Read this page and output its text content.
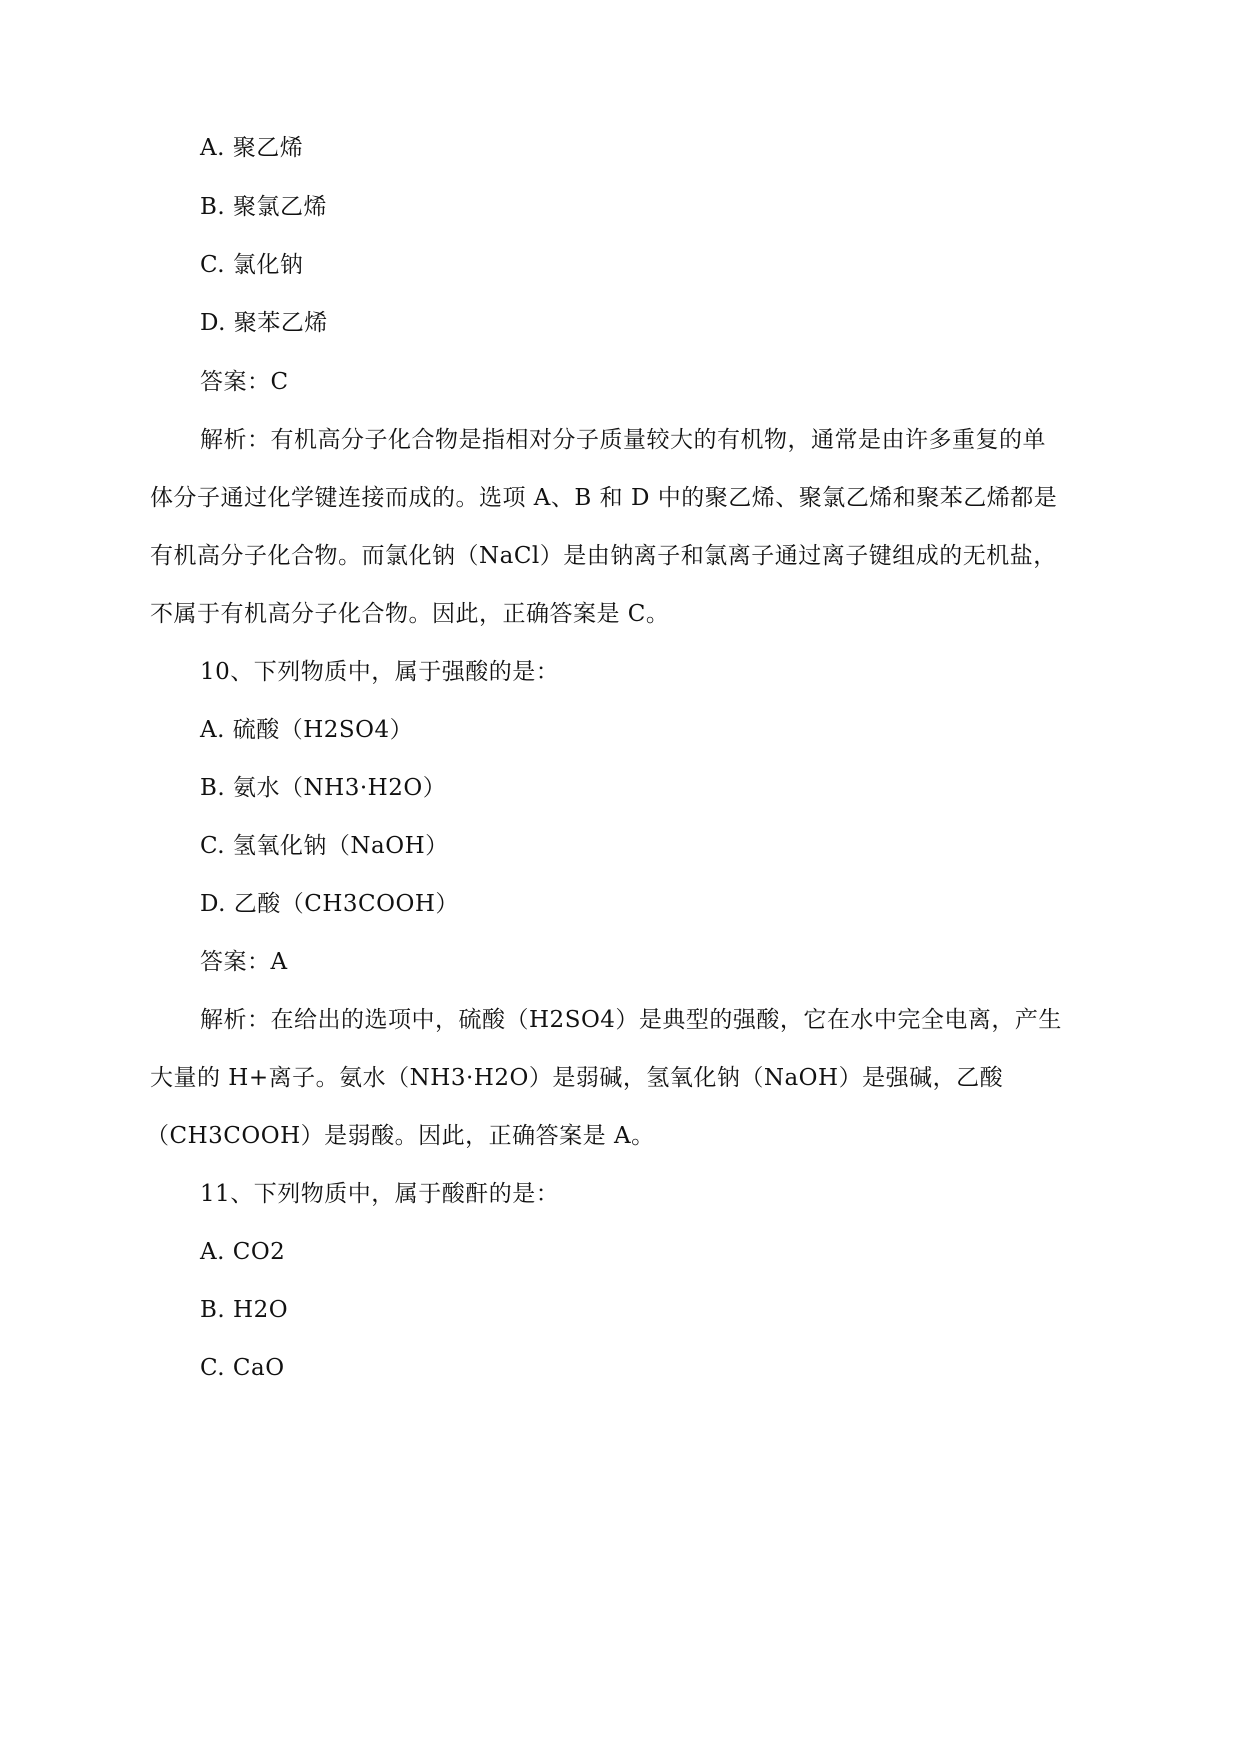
A. 聚乙烯
B. 聚氯乙烯
C. 氯化钠
D. 聚苯乙烯
答案：C
解析：有机高分子化合物是指相对分子质量较大的有机物，通常是由许多重复的单
体分子通过化学键连接而成的。选项 A、B 和 D 中的聚乙烯、聚氯乙烯和聚苯乙烯都是
有机高分子化合物。而氯化钠（NaCl）是由钠离子和氯离子通过离子键组成的无机盐，
不属于有机高分子化合物。因此，正确答案是 C。
10、下列物质中，属于强酸的是：
A. 硫酸（H2SO4）
B. 氨水（NH3·H2O）
C. 氢氧化钠（NaOH）
D. 乙酸（CH3COOH）
答案：A
解析：在给出的选项中，硫酸（H2SO4）是典型的强酸，它在水中完全电离，产生
大量的 H+离子。氨水（NH3·H2O）是弱碱，氢氧化钠（NaOH）是强碱，乙酸
（CH3COOH）是弱酸。因此，正确答案是 A。
11、下列物质中，属于酸酐的是：
A. CO2
B. H2O
C. CaO
